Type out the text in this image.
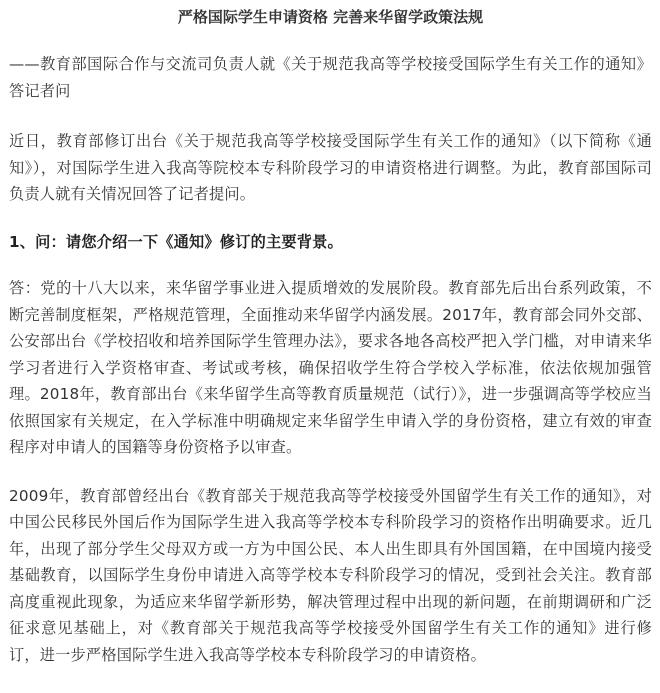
严格国际学生申请资格 完善来华留学政策法规

——教育部国际合作与交流司负责人就《关于规范我高等学校接受国际学生有关工作的通知》答记者问

近日，教育部修订出台《关于规范我高等学校接受国际学生有关工作的通知》（以下简称《通知》），对国际学生进入我高等院校本专科阶段学习的申请资格进行调整。为此，教育部国际司负责人就有关情况回答了记者提问。

1、问：请您介绍一下《通知》修订的主要背景。

答：党的十八大以来，来华留学事业进入提质增效的发展阶段。教育部先后出台系列政策，不断完善制度框架，严格规范管理，全面推动来华留学内涵发展。2017年，教育部会同外交部、公安部出台《学校招收和培养国际学生管理办法》，要求各地各高校严把入学门槛，对申请来华学习者进行入学资格审查、考试或考核，确保招收学生符合学校入学标准，依法依规加强管理。2018年，教育部出台《来华留学生高等教育质量规范（试行）》，进一步强调高等学校应当依照国家有关规定，在入学标准中明确规定来华留学生申请入学的身份资格，建立有效的审查程序对申请人的国籍等身份资格予以审查。

2009年，教育部曾经出台《教育部关于规范我高等学校接受外国留学生有关工作的通知》，对中国公民移民外国后作为国际学生进入我高等学校本专科阶段学习的资格作出明确要求。近几年，出现了部分学生父母双方或一方为中国公民、本人出生即具有外国国籍，在中国境内接受基础教育，以国际学生身份申请进入高等学校本专科阶段学习的情况，受到社会关注。教育部高度重视此现象，为适应来华留学新形势，解决管理过程中出现的新问题，在前期调研和广泛征求意见基础上，对《教育部关于规范我高等学校接受外国留学生有关工作的通知》进行修订，进一步严格国际学生进入我高等学校本专科阶段学习的申请资格。
